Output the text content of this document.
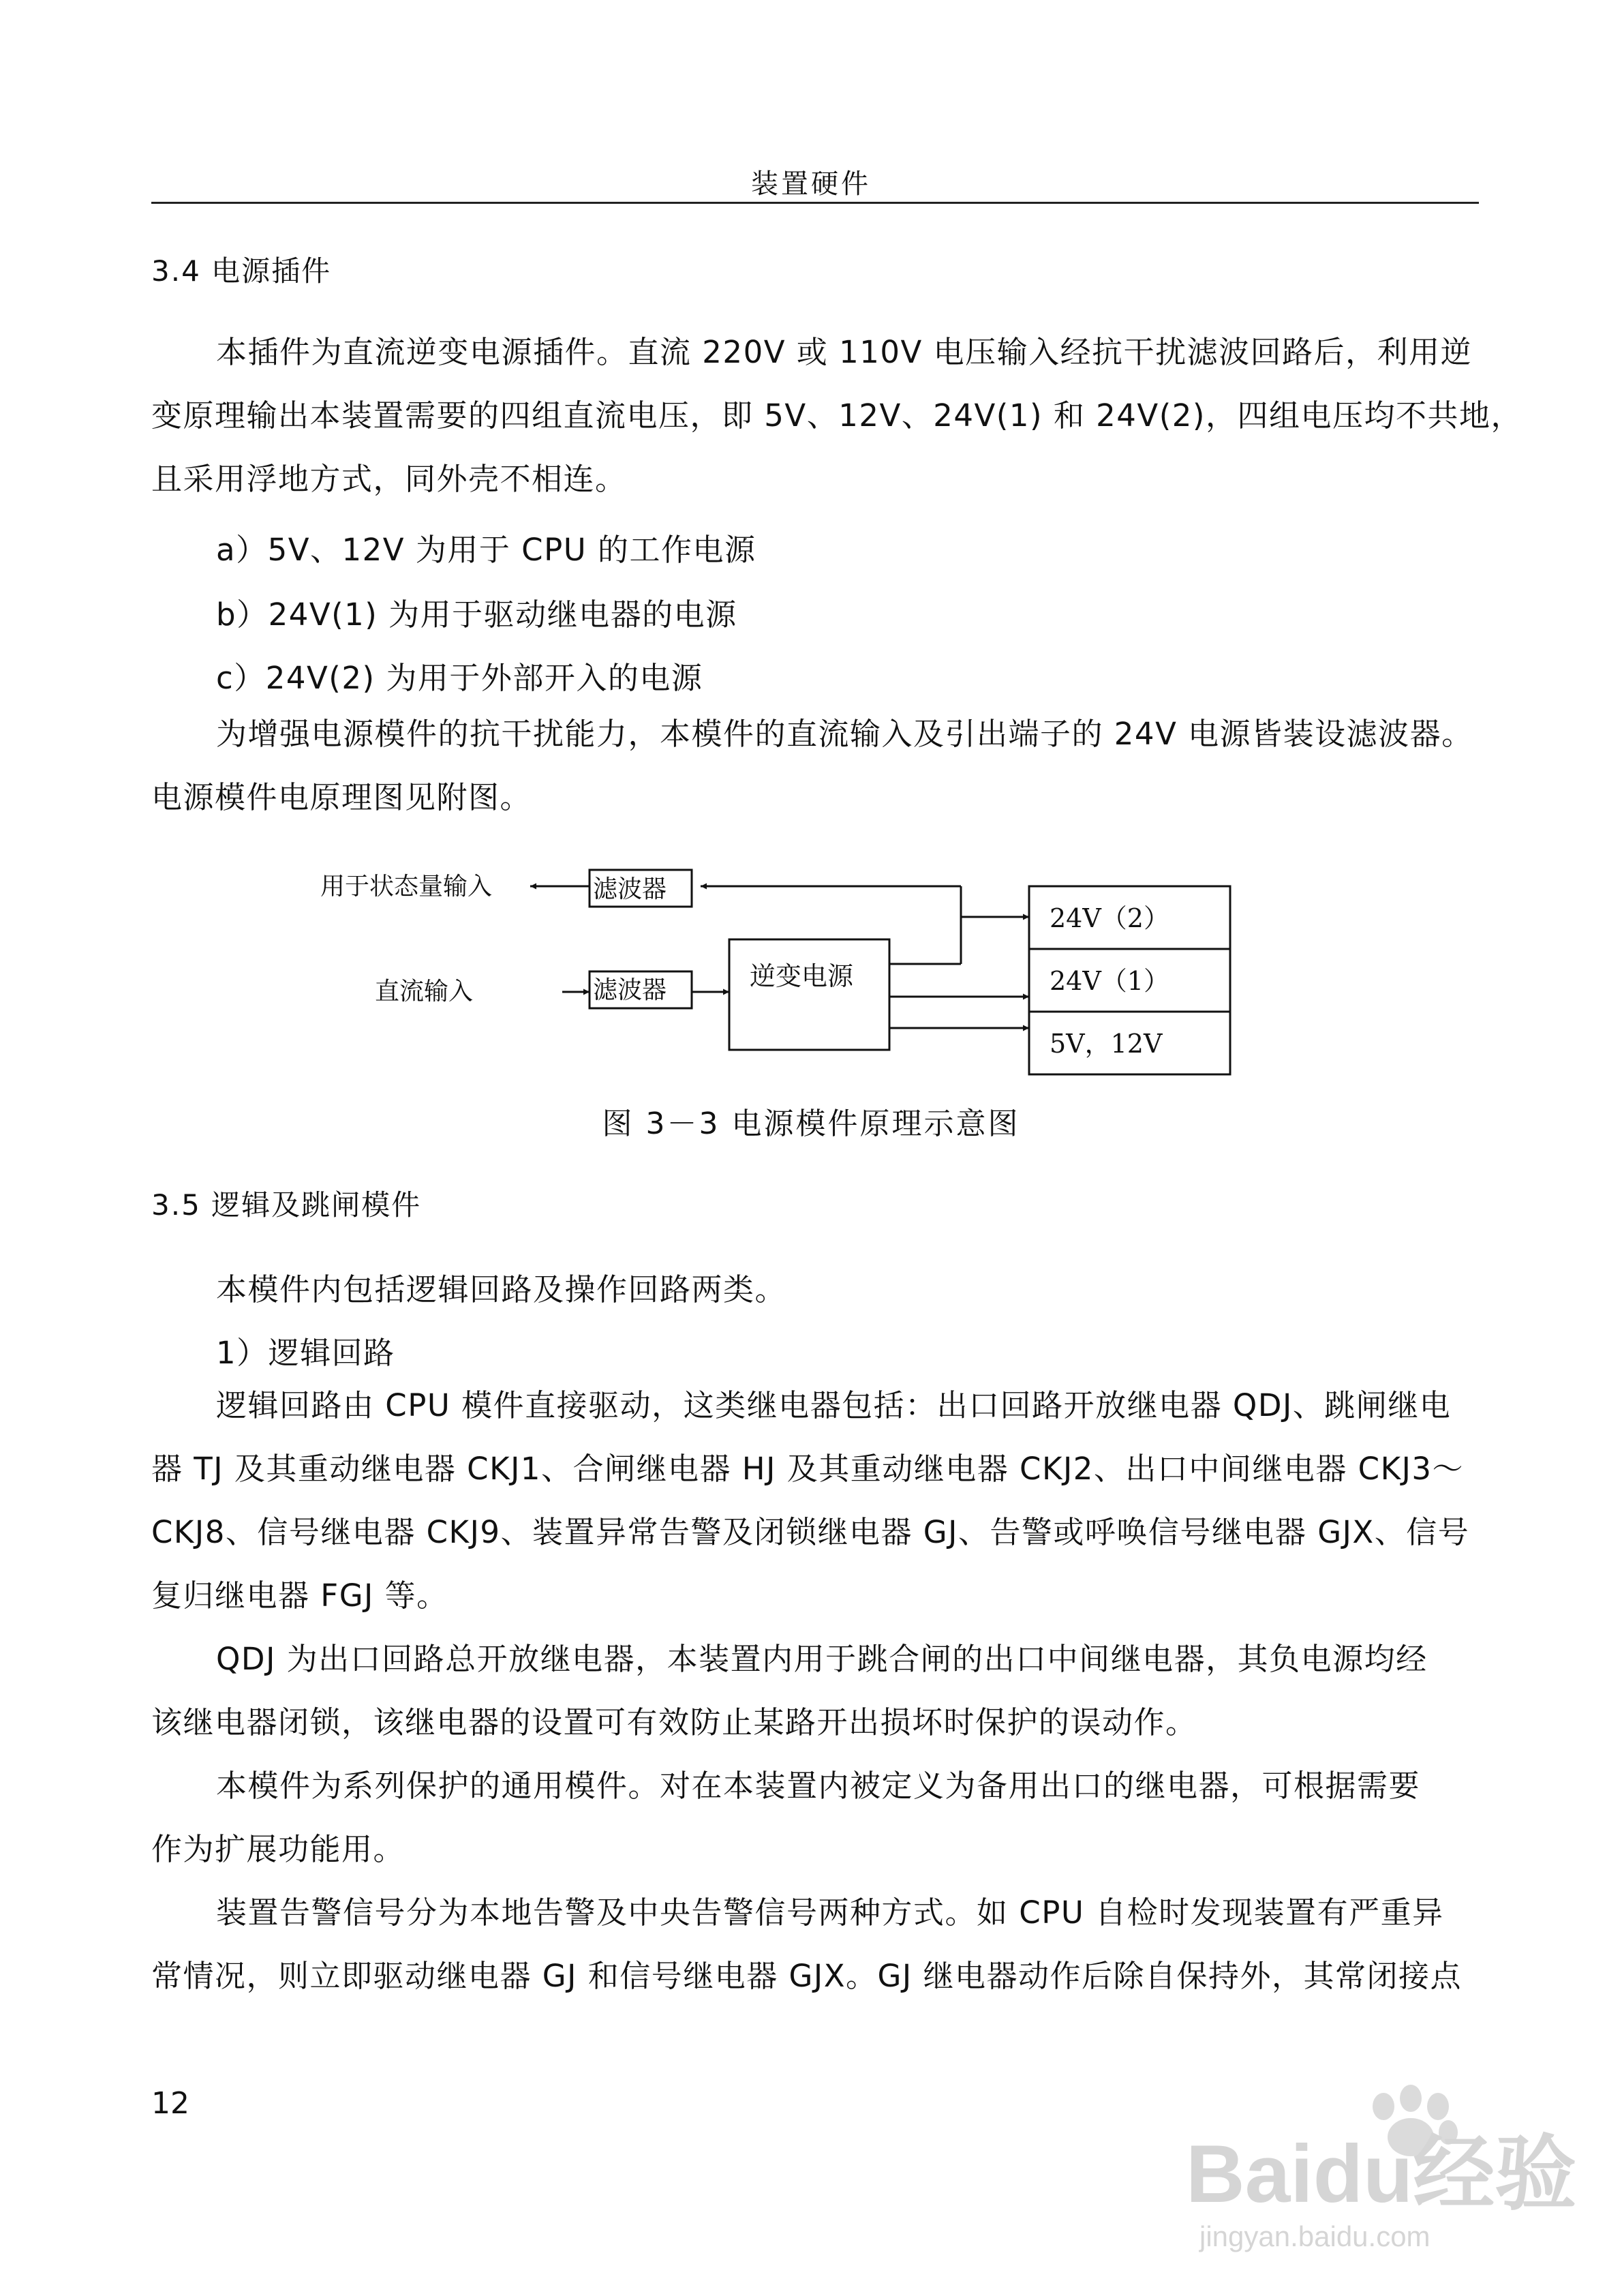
装置硬件
3.4 电源插件
本插件为直流逆变电源插件。直流 220V 或 110V 电压输入经抗干扰滤波回路后，利用逆
变原理输出本装置需要的四组直流电压，即 5V、12V、24V(1) 和 24V(2)，四组电压均不共地，
且采用浮地方式，同外壳不相连。
a）5V、12V 为用于 CPU 的工作电源
b）24V(1) 为用于驱动继电器的电源
c）24V(2) 为用于外部开入的电源
为增强电源模件的抗干扰能力，本模件的直流输入及引出端子的 24V 电源皆装设滤波器。
电源模件电原理图见附图。
用于状态量输入
直流输入
滤波器
滤波器	逆变电源
24V（2）
24V（1）
5V，12V
图 3－3 电源模件原理示意图
3.5 逻辑及跳闸模件
本模件内包括逻辑回路及操作回路两类。
1）逻辑回路
逻辑回路由 CPU 模件直接驱动，这类继电器包括：出口回路开放继电器 QDJ、跳闸继电
器 TJ 及其重动继电器 CKJ1、合闸继电器 HJ 及其重动继电器 CKJ2、出口中间继电器 CKJ3～
CKJ8、信号继电器 CKJ9、装置异常告警及闭锁继电器 GJ、告警或呼唤信号继电器 GJX、信号
复归继电器 FGJ 等。
QDJ 为出口回路总开放继电器，本装置内用于跳合闸的出口中间继电器，其负电源均经
该继电器闭锁，该继电器的设置可有效防止某路开出损坏时保护的误动作。
本模件为系列保护的通用模件。对在本装置内被定义为备用出口的继电器，可根据需要
作为扩展功能用。
装置告警信号分为本地告警及中央告警信号两种方式。如 CPU 自检时发现装置有严重异
常情况，则立即驱动继电器 GJ 和信号继电器 GJX。GJ 继电器动作后除自保持外，其常闭接点
12
Baidu经验
jingyan.baidu.com
